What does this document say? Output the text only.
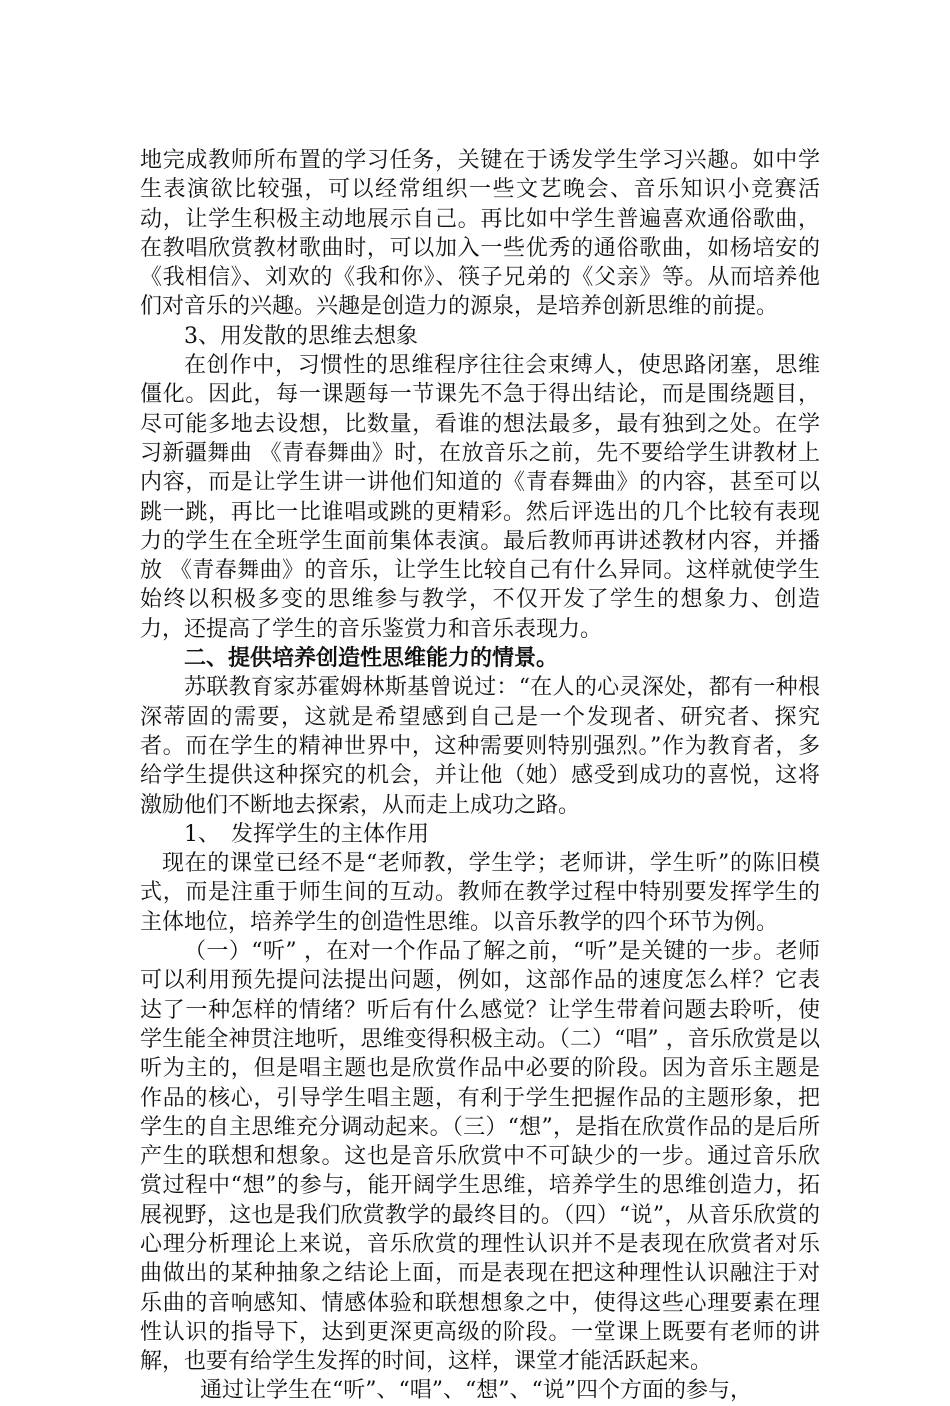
地完成教师所布置的学习任务，关键在于诱发学生学习兴趣。如中学生表演欲比较强，可以经常组织一些文艺晚会、音乐知识小竞赛活动，让学生积极主动地展示自己。再比如中学生普遍喜欢通俗歌曲，在教唱欣赏教材歌曲时，可以加入一些优秀的通俗歌曲，如杨培安的《我相信》、刘欢的《我和你》、筷子兄弟的《父亲》等。从而培养他们对音乐的兴趣。兴趣是创造力的源泉，是培养创新思维的前提。

3、用发散的思维去想象

在创作中，习惯性的思维程序往往会束缚人，使思路闭塞，思维僵化。因此，每一课题每一节课先不急于得出结论，而是围绕题目，尽可能多地去设想，比数量，看谁的想法最多，最有独到之处。在学习新疆舞曲 《青春舞曲》时，在放音乐之前，先不要给学生讲教材上内容，而是让学生讲一讲他们知道的《青春舞曲》的内容，甚至可以跳一跳，再比一比谁唱或跳的更精彩。然后评选出的几个比较有表现力的学生在全班学生面前集体表演。最后教师再讲述教材内容，并播放 《青春舞曲》的音乐，让学生比较自己有什么异同。这样就使学生始终以积极多变的思维参与教学，不仅开发了学生的想象力、创造力，还提高了学生的音乐鉴赏力和音乐表现力。

二、提供培养创造性思维能力的情景。

苏联教育家苏霍姆林斯基曾说过：“在人的心灵深处，都有一种根深蒂固的需要，这就是希望感到自己是一个发现者、研究者、探究者。而在学生的精神世界中，这种需要则特别强烈。”作为教育者，多给学生提供这种探究的机会，并让他（她）感受到成功的喜悦，这将激励他们不断地去探索，从而走上成功之路。

1、　发挥学生的主体作用

现在的课堂已经不是“老师教，学生学；老师讲，学生听”的陈旧模式，而是注重于师生间的互动。教师在教学过程中特别要发挥学生的主体地位，培养学生的创造性思维。以音乐教学的四个环节为例。

（一）“听” ，在对一个作品了解之前，“听”是关键的一步。老师可以利用预先提问法提出问题，例如，这部作品的速度怎么样？它表达了一种怎样的情绪？听后有什么感觉？让学生带着问题去聆听，使学生能全神贯注地听，思维变得积极主动。（二）“唱” ，音乐欣赏是以听为主的，但是唱主题也是欣赏作品中必要的阶段。因为音乐主题是作品的核心，引导学生唱主题，有利于学生把握作品的主题形象，把学生的自主思维充分调动起来。（三）“想”，是指在欣赏作品的是后所产生的联想和想象。这也是音乐欣赏中不可缺少的一步。通过音乐欣赏过程中“想”的参与，能开阔学生思维，培养学生的思维创造力，拓展视野，这也是我们欣赏教学的最终目的。（四）“说”，从音乐欣赏的心理分析理论上来说，音乐欣赏的理性认识并不是表现在欣赏者对乐曲做出的某种抽象之结论上面，而是表现在把这种理性认识融注于对乐曲的音响感知、情感体验和联想想象之中，使得这些心理要素在理性认识的指导下，达到更深更高级的阶段。一堂课上既要有老师的讲解，也要有给学生发挥的时间，这样，课堂才能活跃起来。

通过让学生在“听”、“唱”、“想”、“说”四个方面的参与，
